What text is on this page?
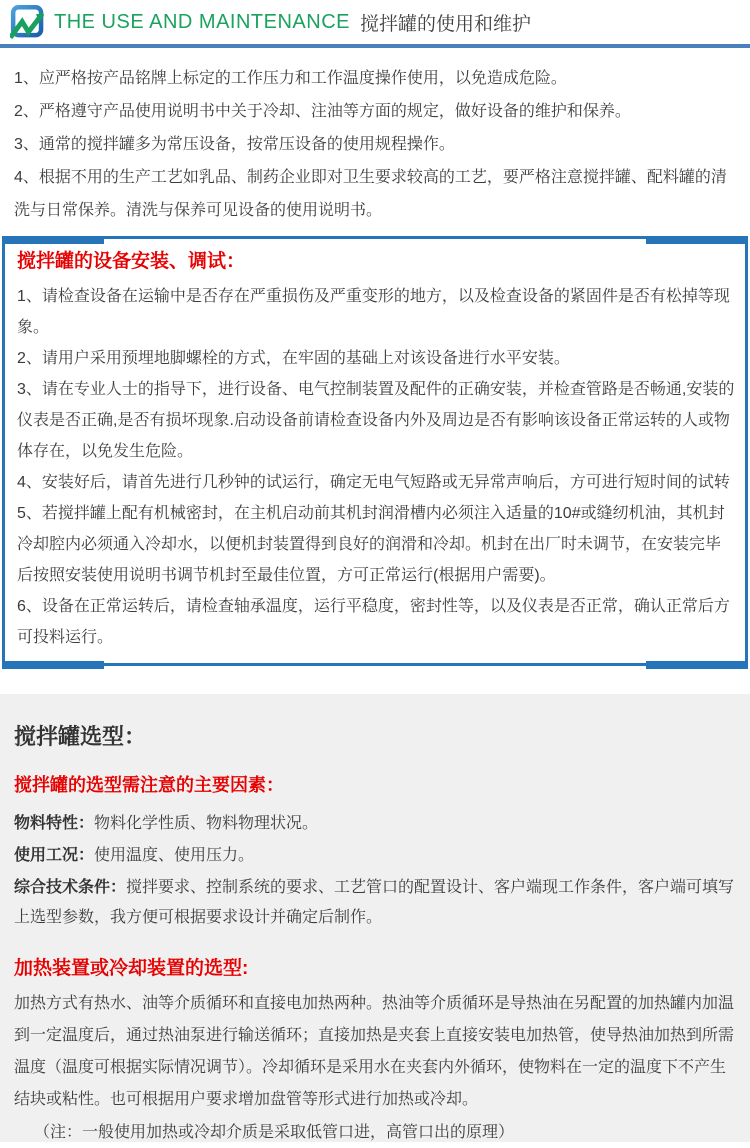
THE USE AND MAINTENANCE 搅拌罐的使用和维护

1、应严格按产品铭牌上标定的工作压力和工作温度操作使用，以免造成危险。

2、严格遵守产品使用说明书中关于冷却、注油等方面的规定，做好设备的维护和保养。

3、通常的搅拌罐多为常压设备，按常压设备的使用规程操作。

4、根据不用的生产工艺如乳品、制药企业即对卫生要求较高的工艺，要严格注意搅拌罐、配料罐的清洗与日常保养。清洗与保养可见设备的使用说明书。

搅拌罐的设备安装、调试：

1、请检查设备在运输中是否存在严重损伤及严重变形的地方，以及检查设备的紧固件是否有松掉等现象。

2、请用户采用预埋地脚螺栓的方式，在牢固的基础上对该设备进行水平安装。

3、请在专业人士的指导下，进行设备、电气控制装置及配件的正确安装，并检查管路是否畅通,安装的仪表是否正确,是否有损坏现象.启动设备前请检查设备内外及周边是否有影响该设备正常运转的人或物体存在，以免发生危险。

4、安装好后，请首先进行几秒钟的试运行，确定无电气短路或无异常声响后，方可进行短时间的试转

5、若搅拌罐上配有机械密封，在主机启动前其机封润滑槽内必须注入适量的10#或缝纫机油，其机封冷却腔内必须通入冷却水，以便机封装置得到良好的润滑和冷却。机封在出厂时未调节，在安装完毕后按照安装使用说明书调节机封至最佳位置，方可正常运行(根据用户需要)。

6、设备在正常运转后，请检查轴承温度，运行平稳度，密封性等，以及仪表是否正常，确认正常后方可投料运行。

搅拌罐选型：
搅拌罐的选型需注意的主要因素：

物料特性：物料化学性质、物料物理状况。

使用工况：使用温度、使用压力。

综合技术条件：搅拌要求、控制系统的要求、工艺管口的配置设计、客户端现工作条件，客户端可填写上选型参数，我方便可根据要求设计并确定后制作。

加热装置或冷却装置的选型:

加热方式有热水、油等介质循环和直接电加热两种。热油等介质循环是导热油在另配置的加热罐内加温到一定温度后，通过热油泵进行输送循环；直接加热是夹套上直接安装电加热管，使导热油加热到所需温度（温度可根据实际情况调节）。冷却循环是采用水在夹套内外循环，使物料在一定的温度下不产生结块或粘性。也可根据用户要求增加盘管等形式进行加热或冷却。

（注：一般使用加热或冷却介质是采取低管口进，高管口出的原理）
